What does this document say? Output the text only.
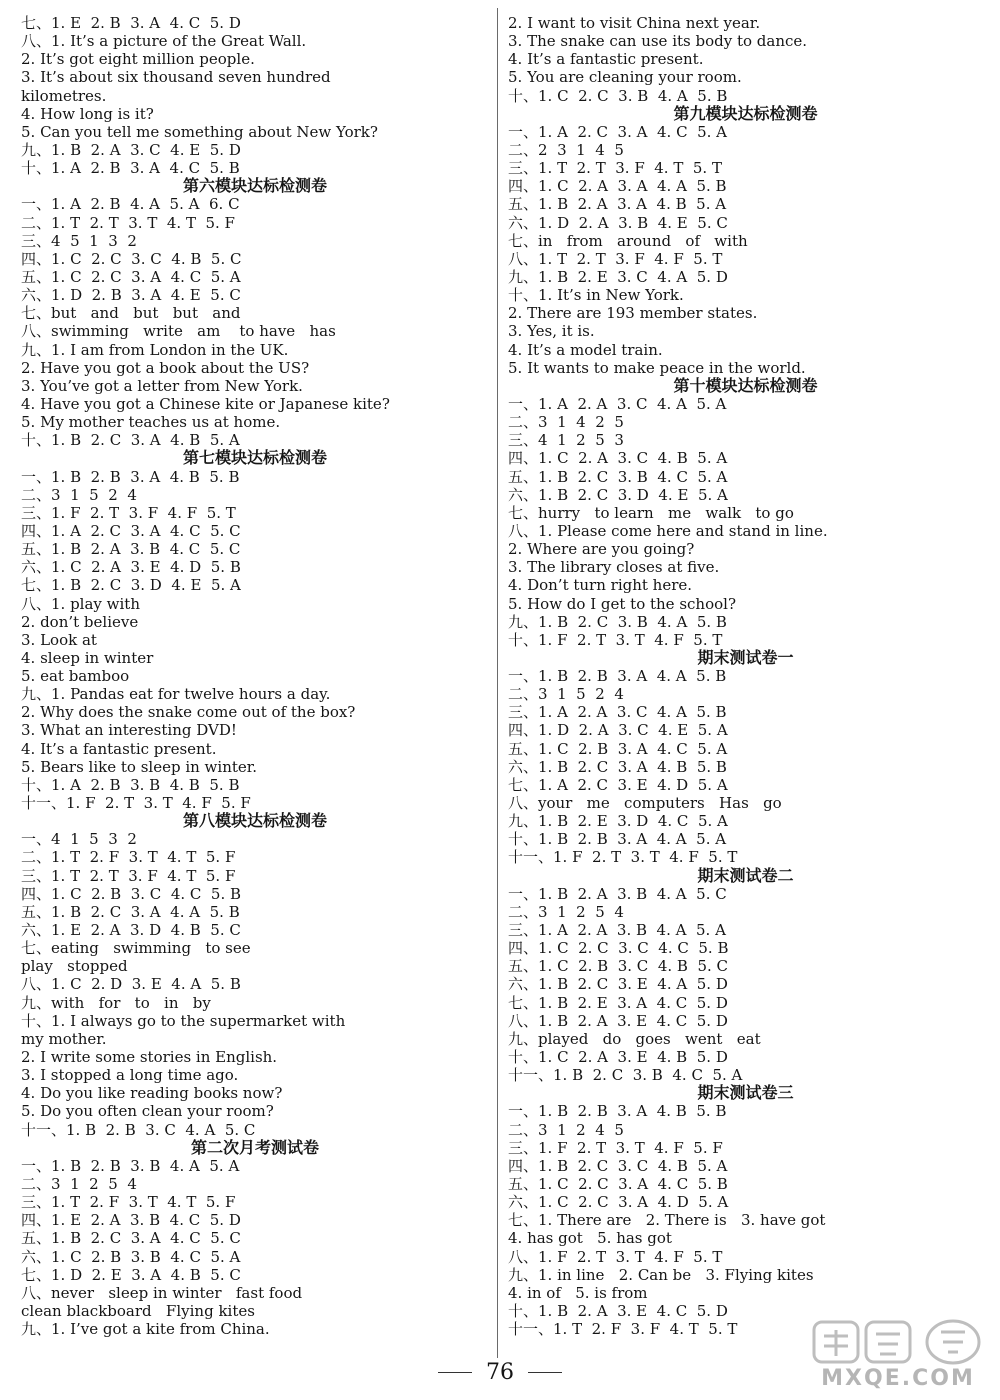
七、1. E  2. B  3. A  4. C  5. D
八、1. It’s a picture of the Great Wall.
2. It’s got eight million people.
3. It’s about six thousand seven hundred
kilometres.
4. How long is it?
5. Can you tell me something about New York?
九、1. B  2. A  3. C  4. E  5. D
十、1. A  2. B  3. A  4. C  5. B
第六模块达标检测卷
一、1. A  2. B  4. A  5. A  6. C
二、1. T  2. T  3. T  4. T  5. F
三、4  5  1  3  2
四、1. C  2. C  3. C  4. B  5. C
五、1. C  2. C  3. A  4. C  5. A
六、1. D  2. B  3. A  4. E  5. C
七、but   and   but   but   and
八、swimming   write   am    to have   has
九、1. I am from London in the UK.
2. Have you got a book about the US?
3. You’ve got a letter from New York.
4. Have you got a Chinese kite or Japanese kite?
5. My mother teaches us at home.
十、1. B  2. C  3. A  4. B  5. A
第七模块达标检测卷
一、1. B  2. B  3. A  4. B  5. B
二、3  1  5  2  4
三、1. F  2. T  3. F  4. F  5. T
四、1. A  2. C  3. A  4. C  5. C
五、1. B  2. A  3. B  4. C  5. C
六、1. C  2. A  3. E  4. D  5. B
七、1. B  2. C  3. D  4. E  5. A
八、1. play with
2. don’t believe
3. Look at
4. sleep in winter
5. eat bamboo
九、1. Pandas eat for twelve hours a day.
2. Why does the snake come out of the box?
3. What an interesting DVD!
4. It’s a fantastic present.
5. Bears like to sleep in winter.
十、1. A  2. B  3. B  4. B  5. B
十一、1. F  2. T  3. T  4. F  5. F
第八模块达标检测卷
一、4  1  5  3  2
二、1. T  2. F  3. T  4. T  5. F
三、1. T  2. T  3. F  4. T  5. F
四、1. C  2. B  3. C  4. C  5. B
五、1. B  2. C  3. A  4. A  5. B
六、1. E  2. A  3. D  4. B  5. C
七、eating   swimming   to see
play   stopped
八、1. C  2. D  3. E  4. A  5. B
九、with   for   to   in   by
十、1. I always go to the supermarket with
my mother.
2. I write some stories in English.
3. I stopped a long time ago.
4. Do you like reading books now?
5. Do you often clean your room?
十一、1. B  2. B  3. C  4. A  5. C
第二次月考测试卷
一、1. B  2. B  3. B  4. A  5. A
二、3  1  2  5  4
三、1. T  2. F  3. T  4. T  5. F
四、1. E  2. A  3. B  4. C  5. D
五、1. B  2. C  3. A  4. C  5. C
六、1. C  2. B  3. B  4. C  5. A
七、1. D  2. E  3. A  4. B  5. C
八、never   sleep in winter   fast food
clean blackboard   Flying kites
九、1. I’ve got a kite from China.
2. I want to visit China next year.
3. The snake can use its body to dance.
4. It’s a fantastic present.
5. You are cleaning your room.
十、1. C  2. C  3. B  4. A  5. B
第九模块达标检测卷
一、1. A  2. C  3. A  4. C  5. A
二、2  3  1  4  5
三、1. T  2. T  3. F  4. T  5. T
四、1. C  2. A  3. A  4. A  5. B
五、1. B  2. A  3. A  4. B  5. A
六、1. D  2. A  3. B  4. E  5. C
七、in   from   around   of   with
八、1. T  2. T  3. F  4. F  5. T
九、1. B  2. E  3. C  4. A  5. D
十、1. It’s in New York.
2. There are 193 member states.
3. Yes, it is.
4. It’s a model train.
5. It wants to make peace in the world.
第十模块达标检测卷
一、1. A  2. A  3. C  4. A  5. A
二、3  1  4  2  5
三、4  1  2  5  3
四、1. C  2. A  3. C  4. B  5. A
五、1. B  2. C  3. B  4. C  5. A
六、1. B  2. C  3. D  4. E  5. A
七、hurry   to learn   me   walk   to go
八、1. Please come here and stand in line.
2. Where are you going?
3. The library closes at five.
4. Don’t turn right here.
5. How do I get to the school?
九、1. B  2. C  3. B  4. A  5. B
十、1. F  2. T  3. T  4. F  5. T
期末测试卷一
一、1. B  2. B  3. A  4. A  5. B
二、3  1  5  2  4
三、1. A  2. A  3. C  4. A  5. B
四、1. D  2. A  3. C  4. E  5. A
五、1. C  2. B  3. A  4. C  5. A
六、1. B  2. C  3. A  4. B  5. B
七、1. A  2. C  3. E  4. D  5. A
八、your   me   computers   Has   go
九、1. B  2. E  3. D  4. C  5. A
十、1. B  2. B  3. A  4. A  5. A
十一、1. F  2. T  3. T  4. F  5. T
期末测试卷二
一、1. B  2. A  3. B  4. A  5. C
二、3  1  2  5  4
三、1. A  2. A  3. B  4. A  5. A
四、1. C  2. C  3. C  4. C  5. B
五、1. C  2. B  3. C  4. B  5. C
六、1. B  2. C  3. E  4. A  5. D
七、1. B  2. E  3. A  4. C  5. D
八、1. B  2. A  3. E  4. C  5. D
九、played   do   goes   went   eat
十、1. C  2. A  3. E  4. B  5. D
十一、1. B  2. C  3. B  4. C  5. A
期末测试卷三
一、1. B  2. B  3. A  4. B  5. B
二、3  1  2  4  5
三、1. F  2. T  3. T  4. F  5. F
四、1. B  2. C  3. C  4. B  5. A
五、1. C  2. C  3. A  4. C  5. B
六、1. C  2. C  3. A  4. D  5. A
七、1. There are   2. There is   3. have got
4. has got   5. has got
八、1. F  2. T  3. T  4. F  5. T
九、1. in line   2. Can be   3. Flying kites
4. in of   5. is from
十、1. B  2. A  3. E  4. C  5. D
十一、1. T  2. F  3. F  4. T  5. T
76	MXQE.COM
